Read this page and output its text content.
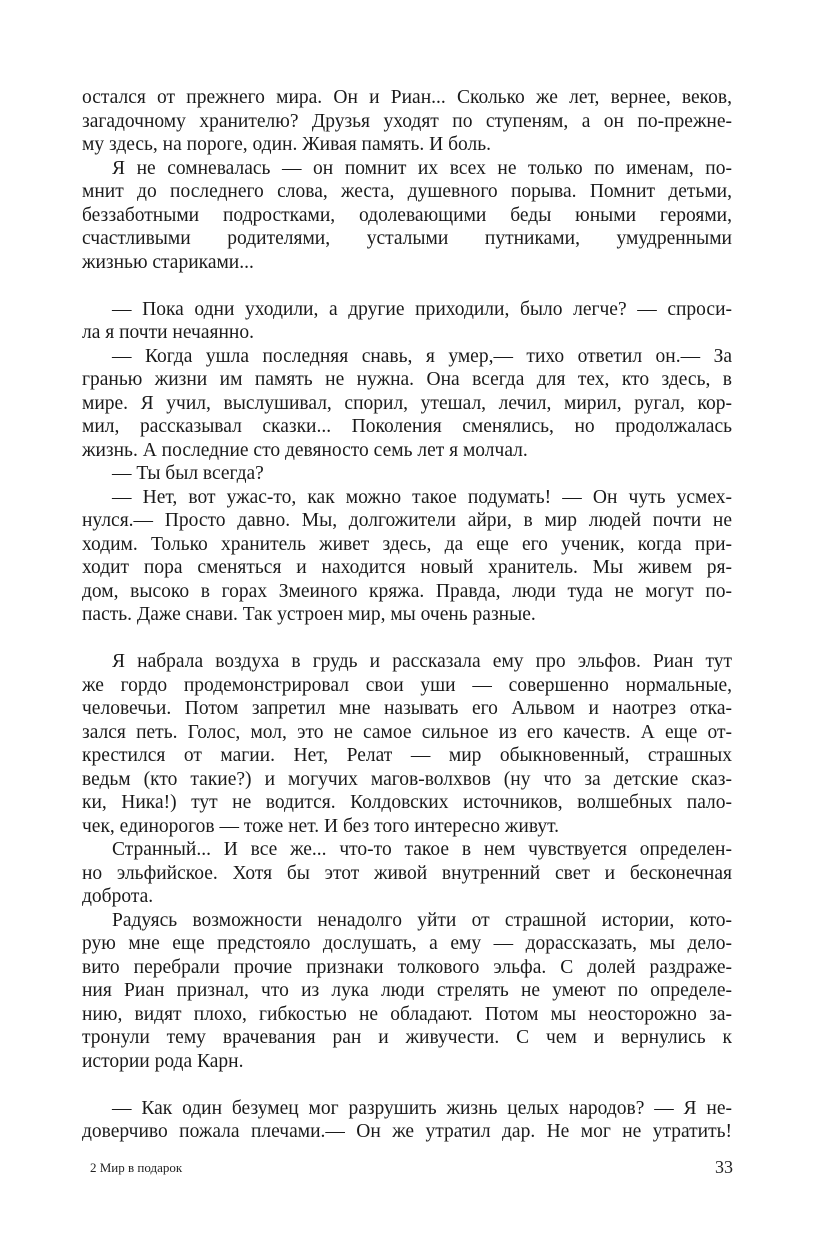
остался от прежнего мира. Он и Риан... Сколько же лет, вернее, веков,
загадочному хранителю? Друзья уходят по ступеням, а он по-прежне-
му здесь, на пороге, один. Живая память. И боль.
Я не сомневалась — он помнит их всех не только по именам, по-
мнит до последнего слова, жеста, душевного порыва. Помнит детьми,
беззаботными подростками, одолевающими беды юными героями,
счастливыми родителями, усталыми путниками, умудренными
жизнью стариками...
— Пока одни уходили, а другие приходили, было легче? — спроси-
ла я почти нечаянно.
— Когда ушла последняя снавь, я умер,— тихо ответил он.— За
гранью жизни им память не нужна. Она всегда для тех, кто здесь, в
мире. Я учил, выслушивал, спорил, утешал, лечил, мирил, ругал, кор-
мил, рассказывал сказки... Поколения сменялись, но продолжалась
жизнь. А последние сто девяносто семь лет я молчал.
— Ты был всегда?
— Нет, вот ужас-то, как можно такое подумать! — Он чуть усмех-
нулся.— Просто давно. Мы, долгожители айри, в мир людей почти не
ходим. Только хранитель живет здесь, да еще его ученик, когда при-
ходит пора сменяться и находится новый хранитель. Мы живем ря-
дом, высоко в горах Змеиного кряжа. Правда, люди туда не могут по-
пасть. Даже снави. Так устроен мир, мы очень разные.
Я набрала воздуха в грудь и рассказала ему про эльфов. Риан тут
же гордо продемонстрировал свои уши — совершенно нормальные,
человечьи. Потом запретил мне называть его Альвом и наотрез отка-
зался петь. Голос, мол, это не самое сильное из его качеств. А еще от-
крестился от магии. Нет, Релат — мир обыкновенный, страшных
ведьм (кто такие?) и могучих магов-волхвов (ну что за детские сказ-
ки, Ника!) тут не водится. Колдовских источников, волшебных пало-
чек, единорогов — тоже нет. И без того интересно живут.
Странный... И все же... что-то такое в нем чувствуется определен-
но эльфийское. Хотя бы этот живой внутренний свет и бесконечная
доброта.
Радуясь возможности ненадолго уйти от страшной истории, кото-
рую мне еще предстояло дослушать, а ему — дорассказать, мы дело-
вито перебрали прочие признаки толкового эльфа. С долей раздраже-
ния Риан признал, что из лука люди стрелять не умеют по определе-
нию, видят плохо, гибкостью не обладают. Потом мы неосторожно за-
тронули тему врачевания ран и живучести. С чем и вернулись к
истории рода Карн.
— Как один безумец мог разрушить жизнь целых народов? — Я не-
доверчиво пожала плечами.— Он же утратил дар. Не мог не утратить!
2 Мир в подарок	33
